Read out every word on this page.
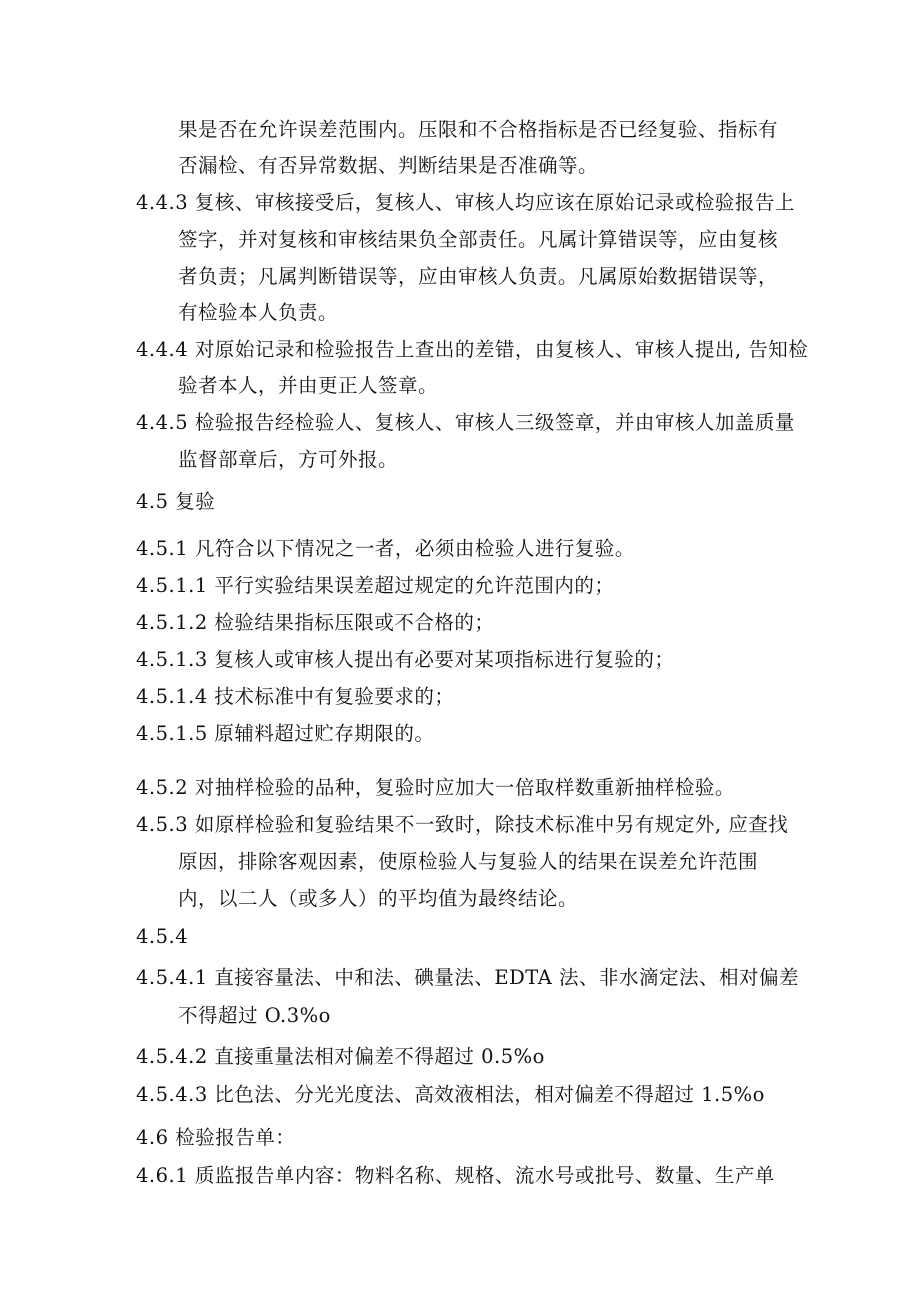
果是否在允许误差范围内。压限和不合格指标是否已经复验、指标有
否漏检、有否异常数据、判断结果是否准确等。
4.4.3 复核、审核接受后，复核人、审核人均应该在原始记录或检验报告上
签字，并对复核和审核结果负全部责任。凡属计算错误等，应由复核
者负责；凡属判断错误等，应由审核人负责。凡属原始数据错误等，
有检验本人负责。
4.4.4 对原始记录和检验报告上查出的差错，由复核人、审核人提出, 告知检
验者本人，并由更正人签章。
4.4.5 检验报告经检验人、复核人、审核人三级签章，并由审核人加盖质量
监督部章后，方可外报。
4.5 复验
4.5.1 凡符合以下情况之一者，必须由检验人进行复验。
4.5.1.1 平行实验结果误差超过规定的允许范围内的；
4.5.1.2 检验结果指标压限或不合格的；
4.5.1.3 复核人或审核人提出有必要对某项指标进行复验的；
4.5.1.4 技术标准中有复验要求的；
4.5.1.5 原辅料超过贮存期限的。
4.5.2 对抽样检验的品种，复验时应加大一倍取样数重新抽样检验。
4.5.3 如原样检验和复验结果不一致时，除技术标准中另有规定外, 应查找
原因，排除客观因素，使原检验人与复验人的结果在误差允许范围
内，以二人（或多人）的平均值为最终结论。
4.5.4
4.5.4.1 直接容量法、中和法、碘量法、EDTA 法、非水滴定法、相对偏差
不得超过 O.3%o
4.5.4.2 直接重量法相对偏差不得超过 0.5%o
4.5.4.3 比色法、分光光度法、高效液相法，相对偏差不得超过 1.5%o
4.6 检验报告单：
4.6.1 质监报告单内容：物料名称、规格、流水号或批号、数量、生产单
